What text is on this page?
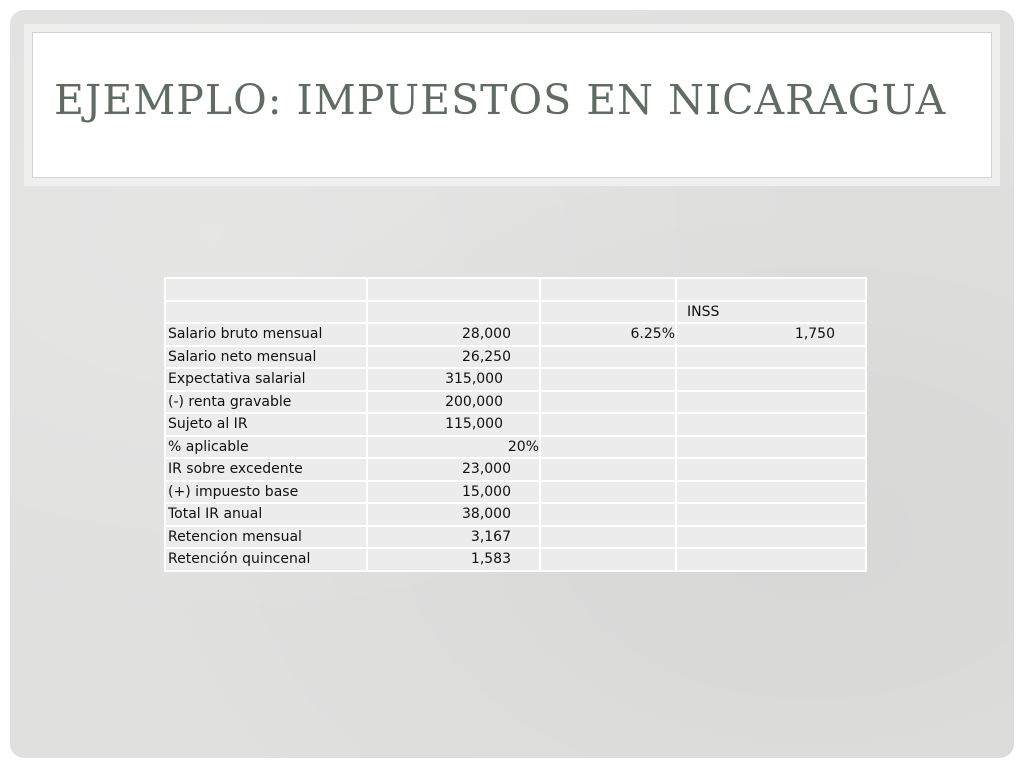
EJEMPLO: IMPUESTOS EN NICARAGUA

			INSS
Salario bruto mensual	28,000	6.25%	1,750
Salario neto mensual	26,250		
Expectativa salarial	315,000		
(-) renta gravable	200,000		
Sujeto al IR	115,000		
% aplicable	20%		
IR sobre excedente	23,000		
(+) impuesto base	15,000		
Total IR anual	38,000		
Retencion mensual	3,167		
Retención quincenal	1,583		
